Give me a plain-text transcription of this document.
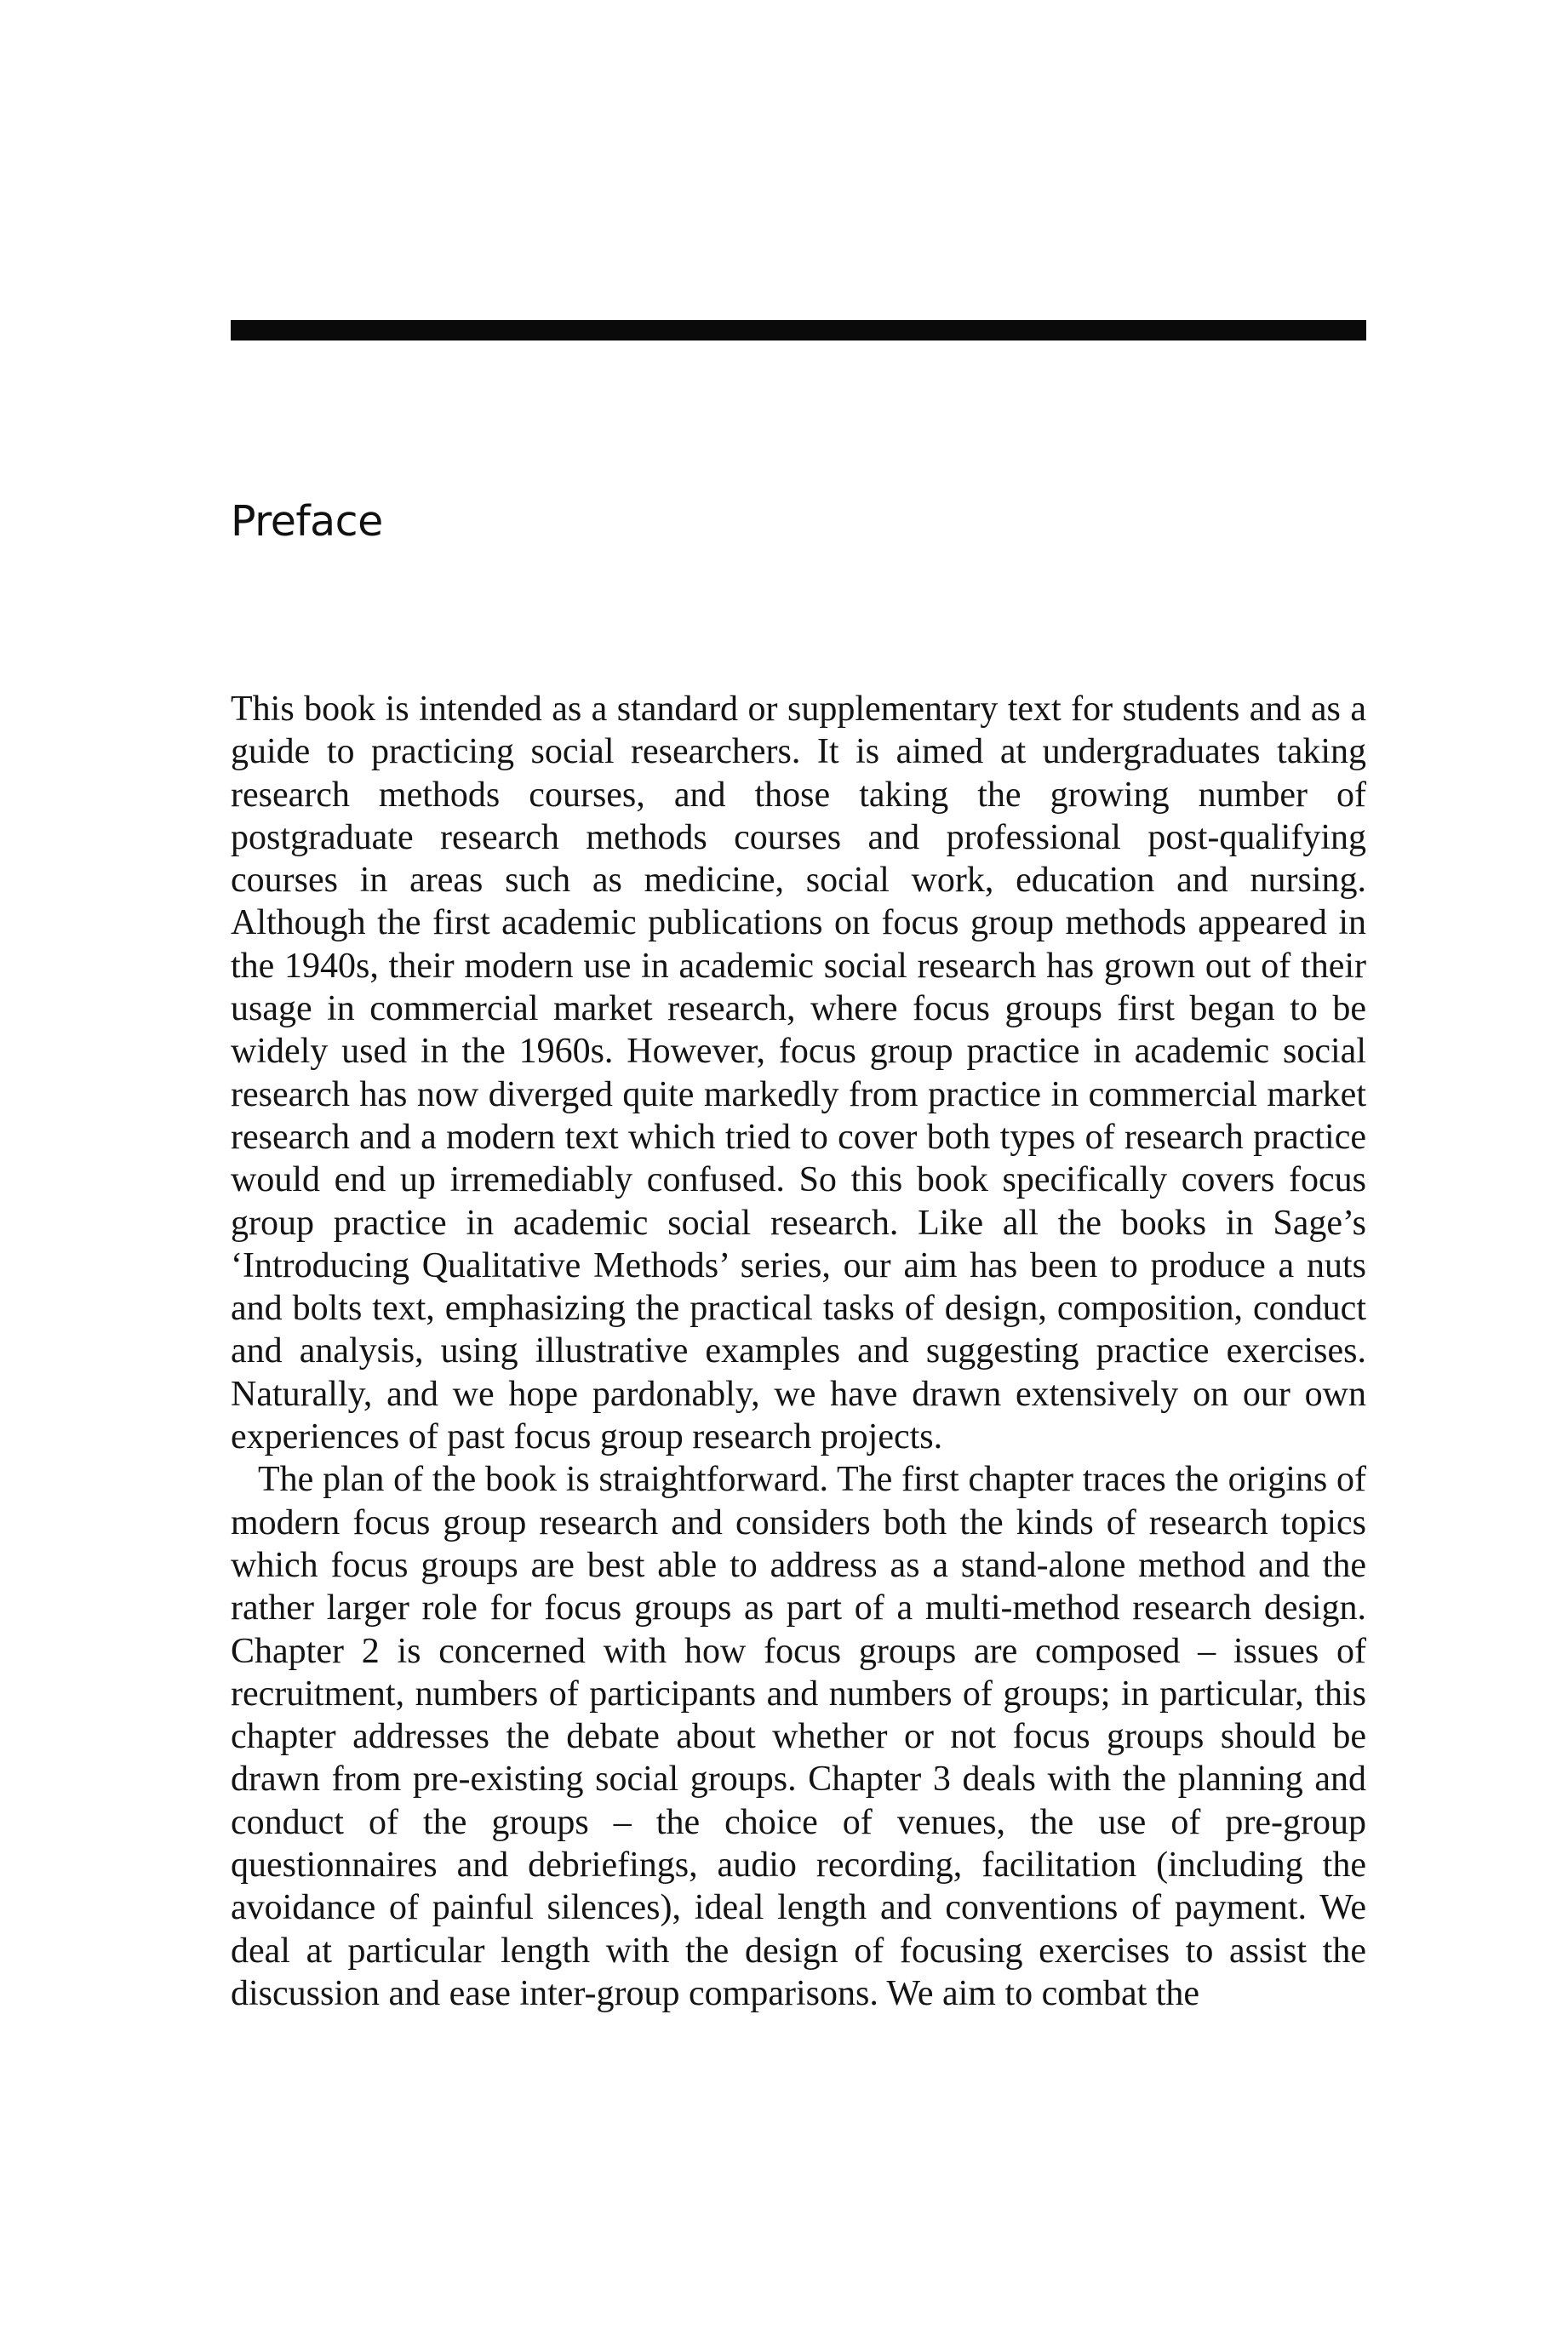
Preface

This book is intended as a standard or supplementary text for students and as a guide to practicing social researchers. It is aimed at undergraduates taking research methods courses, and those taking the growing number of postgraduate research methods courses and professional post-qualifying courses in areas such as medicine, social work, education and nursing. Although the first academic publications on focus group methods appeared in the 1940s, their modern use in academic social research has grown out of their usage in commercial market research, where focus groups first began to be widely used in the 1960s. However, focus group practice in academic social research has now diverged quite markedly from practice in commercial market research and a modern text which tried to cover both types of research practice would end up irremediably confused. So this book specifically covers focus group practice in academic social research. Like all the books in Sage’s ‘Introducing Qualitative Methods’ series, our aim has been to produce a nuts and bolts text, emphasizing the practical tasks of design, composition, conduct and analysis, using illustrative examples and suggesting practice exercises. Naturally, and we hope pardonably, we have drawn extensively on our own experiences of past focus group research projects.

The plan of the book is straightforward. The first chapter traces the origins of modern focus group research and considers both the kinds of research topics which focus groups are best able to address as a stand-alone method and the rather larger role for focus groups as part of a multi-method research design. Chapter 2 is concerned with how focus groups are composed – issues of recruitment, numbers of participants and numbers of groups; in particular, this chapter addresses the debate about whether or not focus groups should be drawn from pre-existing social groups. Chapter 3 deals with the planning and conduct of the groups – the choice of venues, the use of pre-group questionnaires and debriefings, audio recording, facilitation (including the avoidance of painful silences), ideal length and conventions of payment. We deal at particular length with the design of focusing exercises to assist the discussion and ease inter-group comparisons. We aim to combat the
